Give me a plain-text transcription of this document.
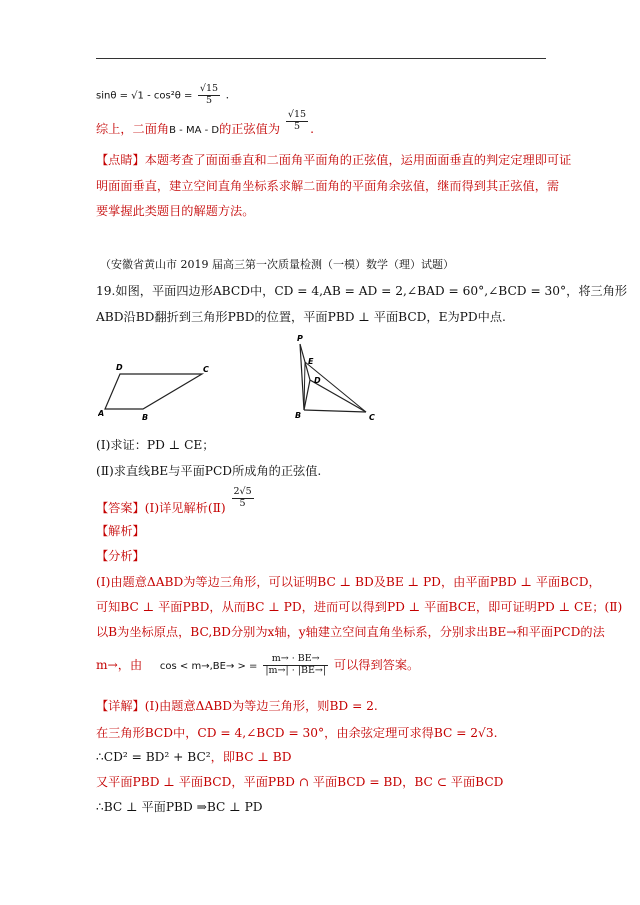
$\sin\theta = √1 - \cos^2\theta = \frac{√15}{5}$ .
综上，二面角B - MA - D的正弦值为 $\frac{√15}{5}$ .
【点睛】本题考查了面面垂直和二面角平面角的正弦值，运用面面垂直的判定定理即可证
明面面垂直，建立空间直角坐标系求解二面角的平面角余弦值，继而得到其正弦值，需
要掌握此类题目的解题方法。
（安徽省黄山市 2019 届高三第一次质量检测（一模）数学（理）试题）
19.如图，平面四边形ABCD中，CD = 4,AB = AD = 2,∠BAD = 60°,∠BCD = 30°，将三角形
ABD沿BD翻折到三角形PBD的位置，平面PBD ⊥ 平面BCD，E为PD中点.
D	C
A	B
P
E
D
B	C
(Ⅰ)求证：PD ⊥ CE；
(Ⅱ)求直线BE与平面PCD所成角的正弦值.
【答案】(Ⅰ)详见解析(Ⅱ) $\frac{2√5}{5}$
【解析】
【分析】
(Ⅰ)由题意ΔABD为等边三角形，可以证明BC ⊥ BD及BE ⊥ PD，由平面PBD ⊥ 平面BCD，
可知BC ⊥ 平面PBD，从而BC ⊥ PD，进而可以得到PD ⊥ 平面BCE，即可证明PD ⊥ CE；(Ⅱ)
以B为坐标原点，BC,BD分别为x轴，y轴建立空间直角坐标系，分别求出BE→和平面PCD的法
m→，由 cos < m→,BE→ > = $\frac{m\to \cdot BE\to}{|m\to| \cdot |BE\to|}$ 可以得到答案。
【详解】(Ⅰ)由题意ΔABD为等边三角形，则BD = 2.
在三角形BCD中，CD = 4,∠BCD = 30°，由余弦定理可求得BC = 2√3.
∴CD² = BD² + BC²，即BC ⊥ BD
又平面PBD ⊥ 平面BCD，平面PBD ∩ 平面BCD = BD，BC ⊂ 平面BCD
∴BC ⊥ 平面PBD ⇒BC ⊥ PD
